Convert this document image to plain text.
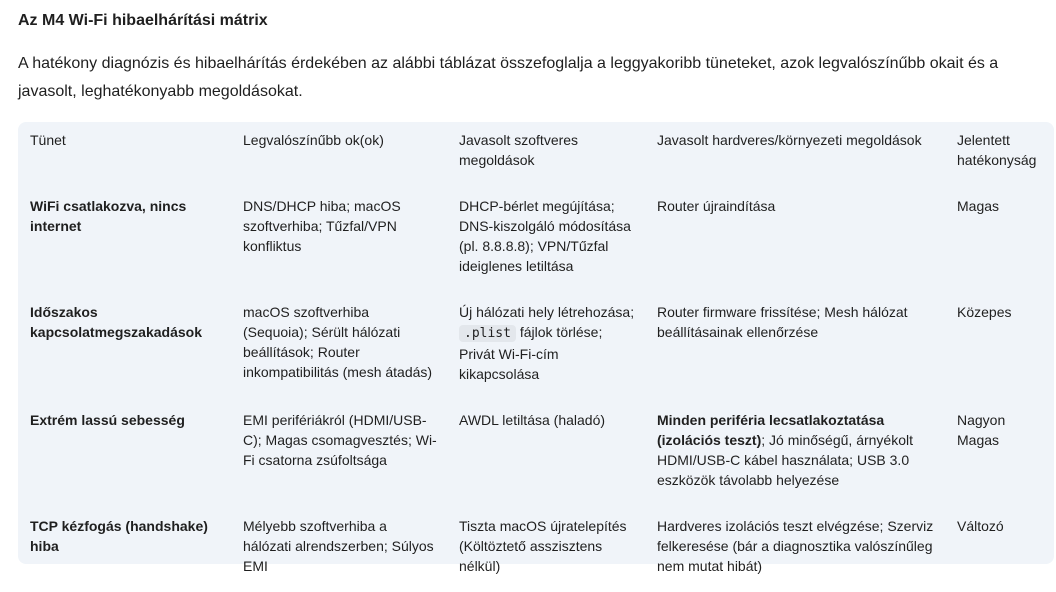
Az M4 Wi-Fi hibaelhárítási mátrix

A hatékony diagnózis és hibaelhárítás érdekében az alábbi táblázat összefoglalja a leggyakoribb tüneteket, azok legvalószínűbb okait és a javasolt, leghatékonyabb megoldásokat.

Tünet	Legvalószínűbb ok(ok)	Javasolt szoftveres megoldások	Javasolt hardveres/környezeti megoldások	Jelentett hatékonyság
WiFi csatlakozva, nincs internet	DNS/DHCP hiba; macOS szoftverhiba; Tűzfal/VPN konfliktus	DHCP-bérlet megújítása; DNS-kiszolgáló módosítása (pl. 8.8.8.8); VPN/Tűzfal ideiglenes letiltása	Router újraindítása	Magas
Időszakos kapcsolatmegszakadások	macOS szoftverhiba (Sequoia); Sérült hálózati beállítások; Router inkompatibilitás (mesh átadás)	Új hálózati hely létrehozása; .plist fájlok törlése; Privát Wi-Fi-cím kikapcsolása	Router firmware frissítése; Mesh hálózat beállításainak ellenőrzése	Közepes
Extrém lassú sebesség	EMI perifériákról (HDMI/USB-C); Magas csomagvesztés; Wi-Fi csatorna zsúfoltsága	AWDL letiltása (haladó)	Minden periféria lecsatlakoztatása (izolációs teszt); Jó minőségű, árnyékolt HDMI/USB-C kábel használata; USB 3.0 eszközök távolabb helyezése	Nagyon Magas
TCP kézfogás (handshake) hiba	Mélyebb szoftverhiba a hálózati alrendszerben; Súlyos EMI	Tiszta macOS újratelepítés (Költöztető asszisztens nélkül)	Hardveres izolációs teszt elvégzése; Szerviz felkeresése (bár a diagnosztika valószínűleg nem mutat hibát)	Változó
